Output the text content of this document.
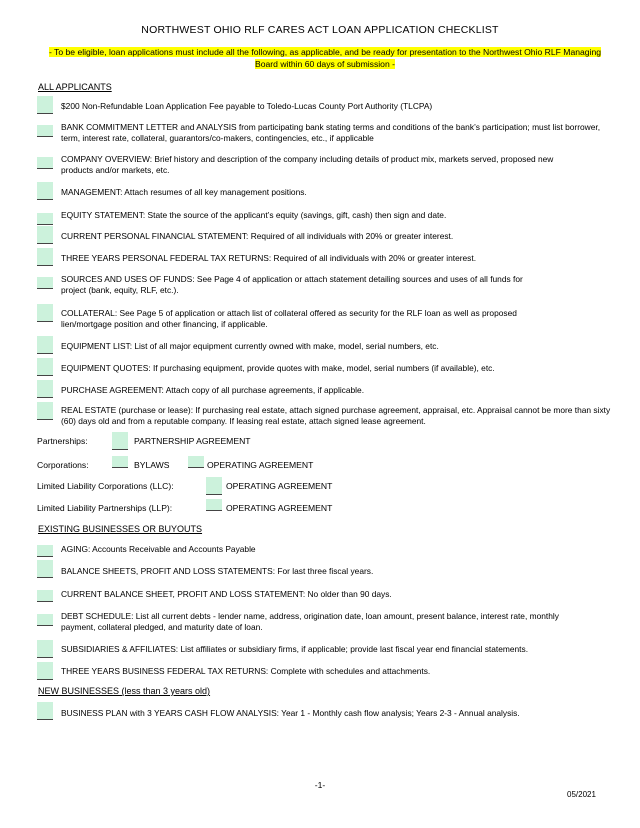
NORTHWEST OHIO RLF CARES ACT LOAN APPLICATION CHECKLIST
- To be eligible, loan applications must include all the following, as applicable, and be ready for presentation to the Northwest Ohio RLF Managing Board within 60 days of submission -
ALL APPLICANTS
$200 Non-Refundable Loan Application Fee payable to Toledo-Lucas County Port Authority (TLCPA)
BANK COMMITMENT LETTER and ANALYSIS from participating bank stating terms and conditions of the bank’s participation; must list borrower, term, interest rate, collateral, guarantors/co-makers, contingencies, etc., if applicable
COMPANY OVERVIEW: Brief history and description of the company including details of product mix, markets served, proposed new products and/or markets, etc.
MANAGEMENT: Attach resumes of all key management positions.
EQUITY STATEMENT: State the source of the applicant’s equity (savings, gift, cash) then sign and date.
CURRENT PERSONAL FINANCIAL STATEMENT: Required of all individuals with 20% or greater interest.
THREE YEARS PERSONAL FEDERAL TAX RETURNS: Required of all individuals with 20% or greater interest.
SOURCES AND USES OF FUNDS: See Page 4 of application or attach statement detailing sources and uses of all funds for project (bank, equity, RLF, etc.).
COLLATERAL: See Page 5 of application or attach list of collateral offered as security for the RLF loan as well as proposed lien/mortgage position and other financing, if applicable.
EQUIPMENT LIST: List of all major equipment currently owned with make, model, serial numbers, etc.
EQUIPMENT QUOTES: If purchasing equipment, provide quotes with make, model, serial numbers (if available), etc.
PURCHASE AGREEMENT: Attach copy of all purchase agreements, if applicable.
REAL ESTATE (purchase or lease): If purchasing real estate, attach signed purchase agreement, appraisal, etc. Appraisal cannot be more than sixty (60) days old and from a reputable company. If leasing real estate, attach signed lease agreement.
Partnerships:	PARTNERSHIP AGREEMENT
Corporations:	BYLAWS	OPERATING AGREEMENT
Limited Liability Corporations (LLC):	OPERATING AGREEMENT
Limited Liability Partnerships (LLP):	OPERATING AGREEMENT
EXISTING BUSINESSES OR BUYOUTS
AGING: Accounts Receivable and Accounts Payable
BALANCE SHEETS, PROFIT AND LOSS STATEMENTS: For last three fiscal years.
CURRENT BALANCE SHEET, PROFIT AND LOSS STATEMENT: No older than 90 days.
DEBT SCHEDULE: List all current debts - lender name, address, origination date, loan amount, present balance, interest rate, monthly payment, collateral pledged, and maturity date of loan.
SUBSIDIARIES & AFFILIATES: List affiliates or subsidiary firms, if applicable; provide last fiscal year end financial statements.
THREE YEARS BUSINESS FEDERAL TAX RETURNS: Complete with schedules and attachments.
NEW BUSINESSES (less than 3 years old)
BUSINESS PLAN with 3 YEARS CASH FLOW ANALYSIS: Year 1 - Monthly cash flow analysis; Years 2-3 - Annual analysis.
-1-
05/2021
